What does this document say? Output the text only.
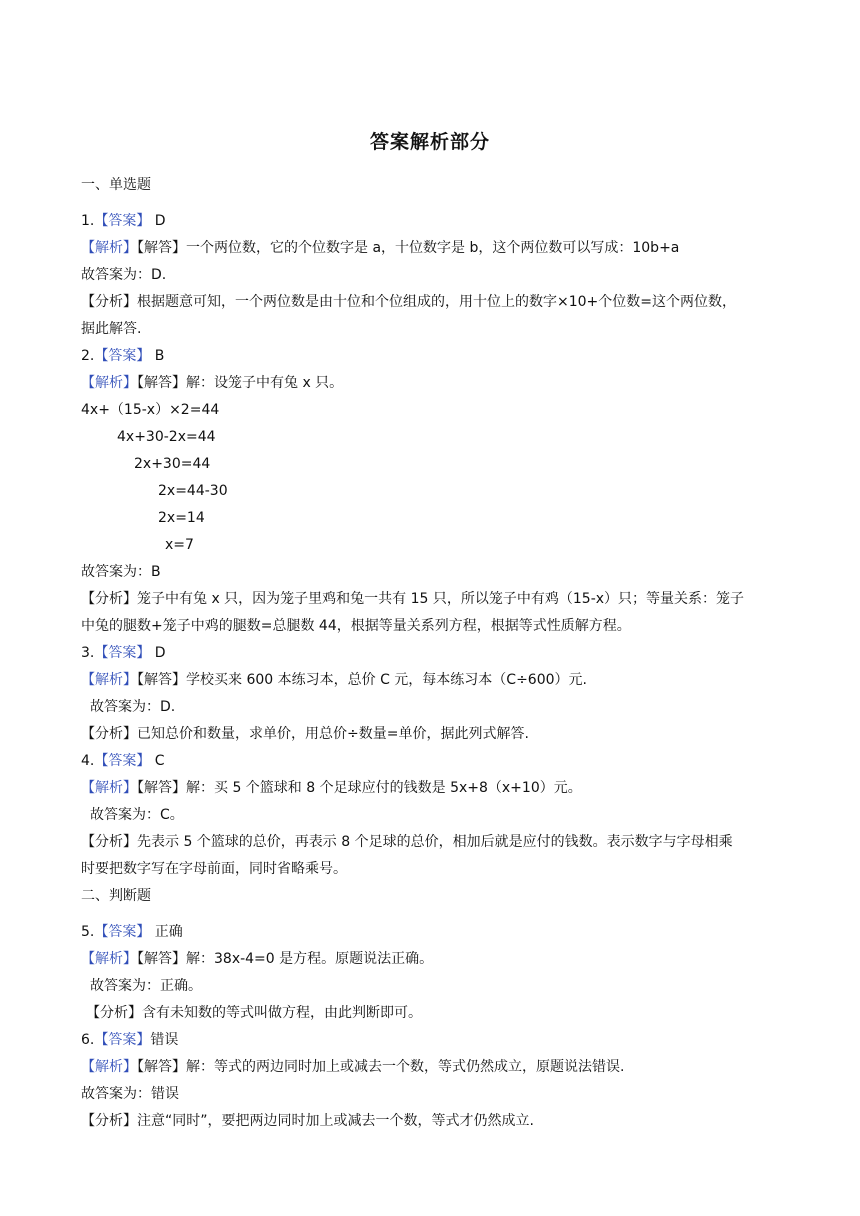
答案解析部分
一、单选题
1.【答案】 D
【解析】【解答】一个两位数，它的个位数字是 a，十位数字是 b，这个两位数可以写成：10b+a
故答案为：D.
【分析】根据题意可知，一个两位数是由十位和个位组成的，用十位上的数字×10+个位数=这个两位数，
据此解答.
2.【答案】 B
【解析】【解答】解：设笼子中有兔 x 只。
4x+（15-x）×2=44
4x+30-2x=44
2x+30=44
2x=44-30
2x=14
x=7
故答案为：B
【分析】笼子中有兔 x 只，因为笼子里鸡和兔一共有 15 只，所以笼子中有鸡（15-x）只；等量关系：笼子
中兔的腿数+笼子中鸡的腿数=总腿数 44，根据等量关系列方程，根据等式性质解方程。
3.【答案】 D
【解析】【解答】学校买来 600 本练习本，总价 C 元，每本练习本（C÷600）元.
故答案为：D.
【分析】已知总价和数量，求单价，用总价÷数量=单价，据此列式解答.
4.【答案】 C
【解析】【解答】解：买 5 个篮球和 8 个足球应付的钱数是 5x+8（x+10）元。
故答案为：C。
【分析】先表示 5 个篮球的总价，再表示 8 个足球的总价，相加后就是应付的钱数。表示数字与字母相乘
时要把数字写在字母前面，同时省略乘号。
二、判断题
5.【答案】 正确
【解析】【解答】解：38x-4=0 是方程。原题说法正确。
故答案为：正确。
【分析】含有未知数的等式叫做方程，由此判断即可。
6.【答案】错误
【解析】【解答】解：等式的两边同时加上或减去一个数，等式仍然成立，原题说法错误.
故答案为：错误
【分析】注意“同时”，要把两边同时加上或减去一个数，等式才仍然成立.
